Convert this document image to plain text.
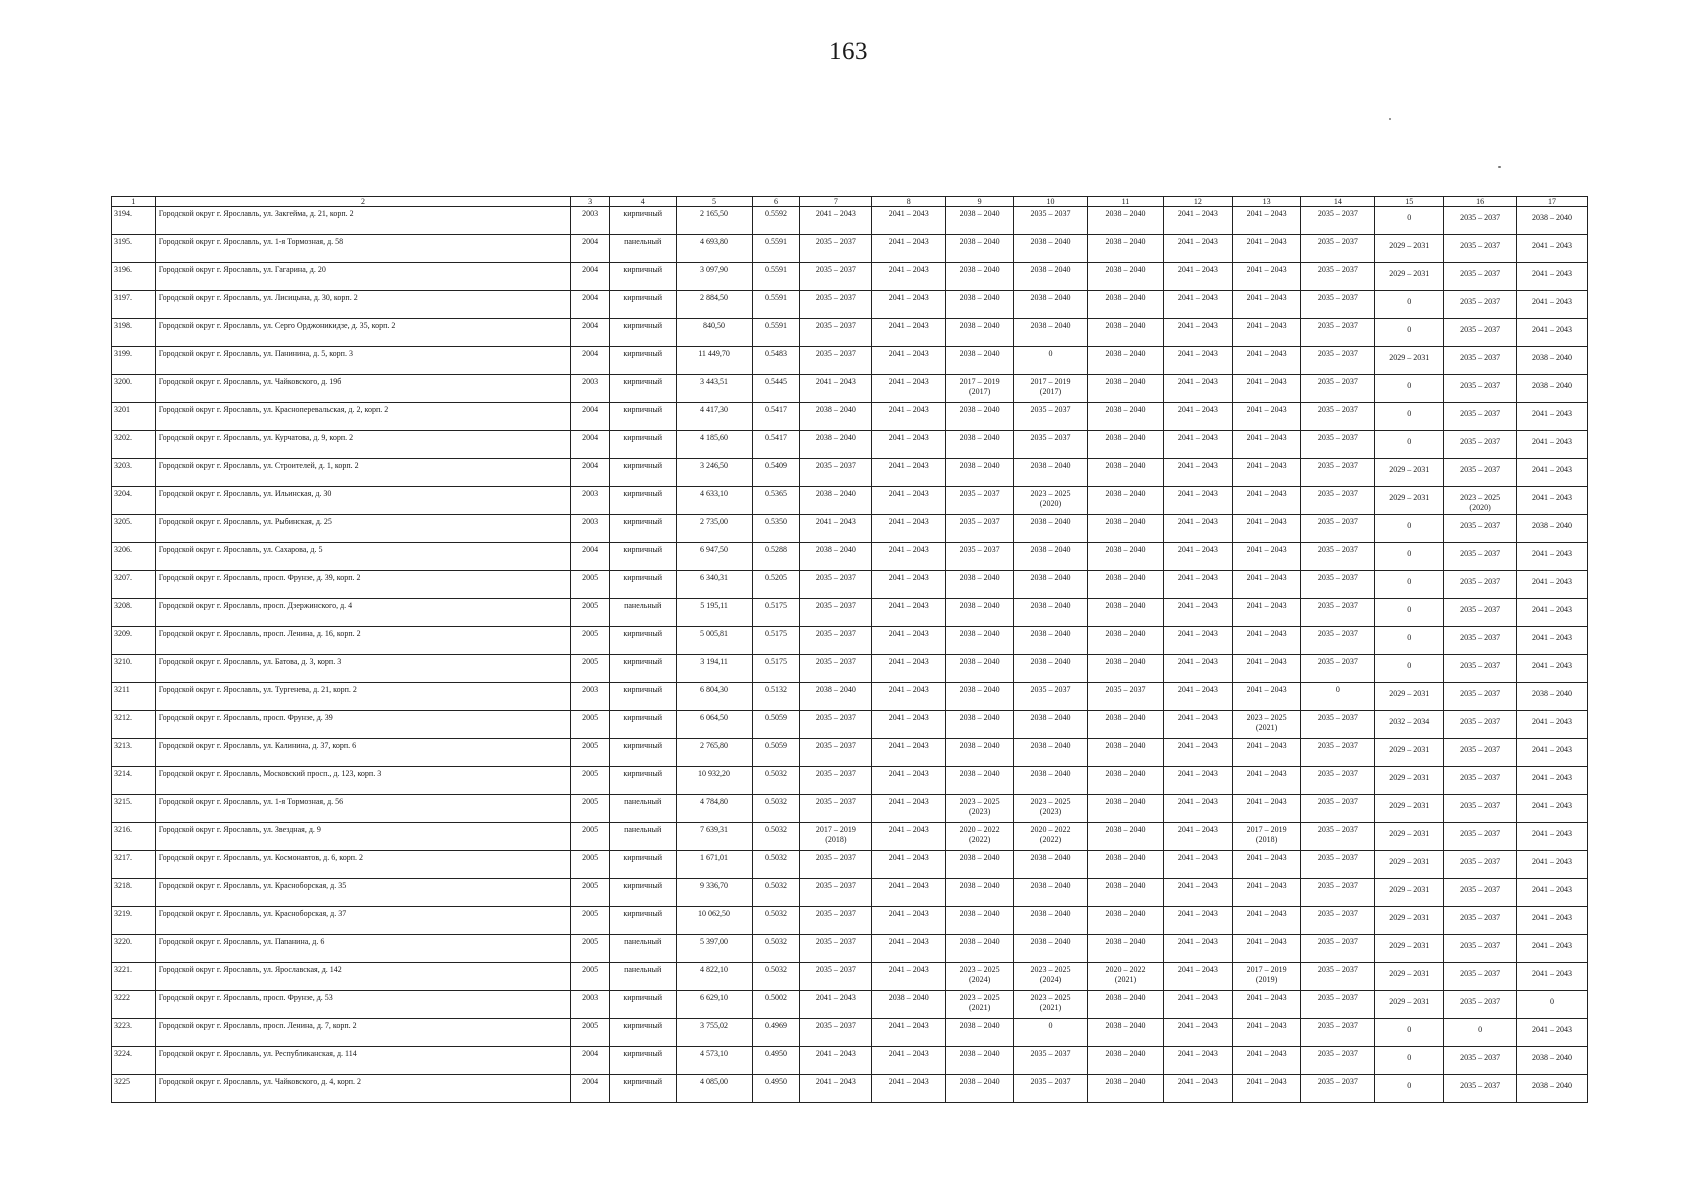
163
1	2	3	4	5	6	7	8	9	10	11	12	13	14	15	16	17

3194.	Городской округ г. Ярославль, ул. Закгейма, д. 21, корп. 2	2003	кирпичный	2 165,50	0.5592	2041 – 2043	2041 – 2043	2038 – 2040	2035 – 2037	2038 – 2040	2041 – 2043	2041 – 2043	2035 – 2037	0	2035 – 2037	2038 – 2040

3195.	Городской округ г. Ярославль, ул. 1-я Тормозная, д. 58	2004	панельный	4 693,80	0.5591	2035 – 2037	2041 – 2043	2038 – 2040	2038 – 2040	2038 – 2040	2041 – 2043	2041 – 2043	2035 – 2037	2029 – 2031	2035 – 2037	2041 – 2043

3196.	Городской округ г. Ярославль, ул. Гагарина, д. 20	2004	кирпичный	3 097,90	0.5591	2035 – 2037	2041 – 2043	2038 – 2040	2038 – 2040	2038 – 2040	2041 – 2043	2041 – 2043	2035 – 2037	2029 – 2031	2035 – 2037	2041 – 2043

3197.	Городской округ г. Ярославль, ул. Лисицына, д. 30, корп. 2	2004	кирпичный	2 884,50	0.5591	2035 – 2037	2041 – 2043	2038 – 2040	2038 – 2040	2038 – 2040	2041 – 2043	2041 – 2043	2035 – 2037	0	2035 – 2037	2041 – 2043

3198.	Городской округ г. Ярославль, ул. Серго Орджоникидзе, д. 35, корп. 2	2004	кирпичный	840,50	0.5591	2035 – 2037	2041 – 2043	2038 – 2040	2038 – 2040	2038 – 2040	2041 – 2043	2041 – 2043	2035 – 2037	0	2035 – 2037	2041 – 2043

3199.	Городской округ г. Ярославль, ул. Панинина, д. 5, корп. 3	2004	кирпичный	11 449,70	0.5483	2035 – 2037	2041 – 2043	2038 – 2040	0	2038 – 2040	2041 – 2043	2041 – 2043	2035 – 2037	2029 – 2031	2035 – 2037	2038 – 2040

3200.	Городской округ г. Ярославль, ул. Чайковского, д. 19б	2003	кирпичный	3 443,51	0.5445	2041 – 2043	2041 – 2043	2017 – 2019
(2017)	2017 – 2019
(2017)	2038 – 2040	2041 – 2043	2041 – 2043	2035 – 2037	0	2035 – 2037	2038 – 2040

3201	Городской округ г. Ярославль, ул. Красноперевальская, д. 2, корп. 2	2004	кирпичный	4 417,30	0.5417	2038 – 2040	2041 – 2043	2038 – 2040	2035 – 2037	2038 – 2040	2041 – 2043	2041 – 2043	2035 – 2037	0	2035 – 2037	2041 – 2043

3202.	Городской округ г. Ярославль, ул. Курчатова, д. 9, корп. 2	2004	кирпичный	4 185,60	0.5417	2038 – 2040	2041 – 2043	2038 – 2040	2035 – 2037	2038 – 2040	2041 – 2043	2041 – 2043	2035 – 2037	0	2035 – 2037	2041 – 2043

3203.	Городской округ г. Ярославль, ул. Строителей, д. 1, корп. 2	2004	кирпичный	3 246,50	0.5409	2035 – 2037	2041 – 2043	2038 – 2040	2038 – 2040	2038 – 2040	2041 – 2043	2041 – 2043	2035 – 2037	2029 – 2031	2035 – 2037	2041 – 2043

3204.	Городской округ г. Ярославль, ул. Ильинская, д. 30	2003	кирпичный	4 633,10	0.5365	2038 – 2040	2041 – 2043	2035 – 2037	2023 – 2025
(2020)	2038 – 2040	2041 – 2043	2041 – 2043	2035 – 2037	2029 – 2031	2023 – 2025
(2020)	2041 – 2043

3205.	Городской округ г. Ярославль, ул. Рыбинская, д. 25	2003	кирпичный	2 735,00	0.5350	2041 – 2043	2041 – 2043	2035 – 2037	2038 – 2040	2038 – 2040	2041 – 2043	2041 – 2043	2035 – 2037	0	2035 – 2037	2038 – 2040

3206.	Городской округ г. Ярославль, ул. Сахарова, д. 5	2004	кирпичный	6 947,50	0.5288	2038 – 2040	2041 – 2043	2035 – 2037	2038 – 2040	2038 – 2040	2041 – 2043	2041 – 2043	2035 – 2037	0	2035 – 2037	2041 – 2043

3207.	Городской округ г. Ярославль, просп. Фрунзе, д. 39, корп. 2	2005	кирпичный	6 340,31	0.5205	2035 – 2037	2041 – 2043	2038 – 2040	2038 – 2040	2038 – 2040	2041 – 2043	2041 – 2043	2035 – 2037	0	2035 – 2037	2041 – 2043

3208.	Городской округ г. Ярославль, просп. Дзержинского, д. 4	2005	панельный	5 195,11	0.5175	2035 – 2037	2041 – 2043	2038 – 2040	2038 – 2040	2038 – 2040	2041 – 2043	2041 – 2043	2035 – 2037	0	2035 – 2037	2041 – 2043

3209.	Городской округ г. Ярославль, просп. Ленина, д. 16, корп. 2	2005	кирпичный	5 005,81	0.5175	2035 – 2037	2041 – 2043	2038 – 2040	2038 – 2040	2038 – 2040	2041 – 2043	2041 – 2043	2035 – 2037	0	2035 – 2037	2041 – 2043

3210.	Городской округ г. Ярославль, ул. Батова, д. 3, корп. 3	2005	кирпичный	3 194,11	0.5175	2035 – 2037	2041 – 2043	2038 – 2040	2038 – 2040	2038 – 2040	2041 – 2043	2041 – 2043	2035 – 2037	0	2035 – 2037	2041 – 2043

3211	Городской округ г. Ярославль, ул. Тургенева, д. 21, корп. 2	2003	кирпичный	6 804,30	0.5132	2038 – 2040	2041 – 2043	2038 – 2040	2035 – 2037	2035 – 2037	2041 – 2043	2041 – 2043	0	2029 – 2031	2035 – 2037	2038 – 2040

3212.	Городской округ г. Ярославль, просп. Фрунзе, д. 39	2005	кирпичный	6 064,50	0.5059	2035 – 2037	2041 – 2043	2038 – 2040	2038 – 2040	2038 – 2040	2041 – 2043	2023 – 2025
(2021)	2035 – 2037	2032 – 2034	2035 – 2037	2041 – 2043

3213.	Городской округ г. Ярославль, ул. Калинина, д. 37, корп. 6	2005	кирпичный	2 765,80	0.5059	2035 – 2037	2041 – 2043	2038 – 2040	2038 – 2040	2038 – 2040	2041 – 2043	2041 – 2043	2035 – 2037	2029 – 2031	2035 – 2037	2041 – 2043

3214.	Городской округ г. Ярославль, Московский просп., д. 123, корп. 3	2005	кирпичный	10 932,20	0.5032	2035 – 2037	2041 – 2043	2038 – 2040	2038 – 2040	2038 – 2040	2041 – 2043	2041 – 2043	2035 – 2037	2029 – 2031	2035 – 2037	2041 – 2043

3215.	Городской округ г. Ярославль, ул. 1-я Тормозная, д. 56	2005	панельный	4 784,80	0.5032	2035 – 2037	2041 – 2043	2023 – 2025
(2023)	2023 – 2025
(2023)	2038 – 2040	2041 – 2043	2041 – 2043	2035 – 2037	2029 – 2031	2035 – 2037	2041 – 2043

3216.	Городской округ г. Ярославль, ул. Звездная, д. 9	2005	панельный	7 639,31	0.5032	2017 – 2019
(2018)	2041 – 2043	2020 – 2022
(2022)	2020 – 2022
(2022)	2038 – 2040	2041 – 2043	2017 – 2019
(2018)	2035 – 2037	2029 – 2031	2035 – 2037	2041 – 2043

3217.	Городской округ г. Ярославль, ул. Космонавтов, д. 6, корп. 2	2005	кирпичный	1 671,01	0.5032	2035 – 2037	2041 – 2043	2038 – 2040	2038 – 2040	2038 – 2040	2041 – 2043	2041 – 2043	2035 – 2037	2029 – 2031	2035 – 2037	2041 – 2043

3218.	Городской округ г. Ярославль, ул. Красноборская, д. 35	2005	кирпичный	9 336,70	0.5032	2035 – 2037	2041 – 2043	2038 – 2040	2038 – 2040	2038 – 2040	2041 – 2043	2041 – 2043	2035 – 2037	2029 – 2031	2035 – 2037	2041 – 2043

3219.	Городской округ г. Ярославль, ул. Красноборская, д. 37	2005	кирпичный	10 062,50	0.5032	2035 – 2037	2041 – 2043	2038 – 2040	2038 – 2040	2038 – 2040	2041 – 2043	2041 – 2043	2035 – 2037	2029 – 2031	2035 – 2037	2041 – 2043

3220.	Городской округ г. Ярославль, ул. Папанина, д. 6	2005	панельный	5 397,00	0.5032	2035 – 2037	2041 – 2043	2038 – 2040	2038 – 2040	2038 – 2040	2041 – 2043	2041 – 2043	2035 – 2037	2029 – 2031	2035 – 2037	2041 – 2043

3221.	Городской округ г. Ярославль, ул. Ярославская, д. 142	2005	панельный	4 822,10	0.5032	2035 – 2037	2041 – 2043	2023 – 2025
(2024)	2023 – 2025
(2024)	2020 – 2022
(2021)	2041 – 2043	2017 – 2019
(2019)	2035 – 2037	2029 – 2031	2035 – 2037	2041 – 2043

3222	Городской округ г. Ярославль, просп. Фрунзе, д. 53	2003	кирпичный	6 629,10	0.5002	2041 – 2043	2038 – 2040	2023 – 2025
(2021)	2023 – 2025
(2021)	2038 – 2040	2041 – 2043	2041 – 2043	2035 – 2037	2029 – 2031	2035 – 2037	0

3223.	Городской округ г. Ярославль, просп. Ленина, д. 7, корп. 2	2005	кирпичный	3 755,02	0.4969	2035 – 2037	2041 – 2043	2038 – 2040	0	2038 – 2040	2041 – 2043	2041 – 2043	2035 – 2037	0	0	2041 – 2043

3224.	Городской округ г. Ярославль, ул. Республиканская, д. 114	2004	кирпичный	4 573,10	0.4950	2041 – 2043	2041 – 2043	2038 – 2040	2035 – 2037	2038 – 2040	2041 – 2043	2041 – 2043	2035 – 2037	0	2035 – 2037	2038 – 2040

3225	Городской округ г. Ярославль, ул. Чайковского, д. 4, корп. 2	2004	кирпичный	4 085,00	0.4950	2041 – 2043	2041 – 2043	2038 – 2040	2035 – 2037	2038 – 2040	2041 – 2043	2041 – 2043	2035 – 2037	0	2035 – 2037	2038 – 2040
